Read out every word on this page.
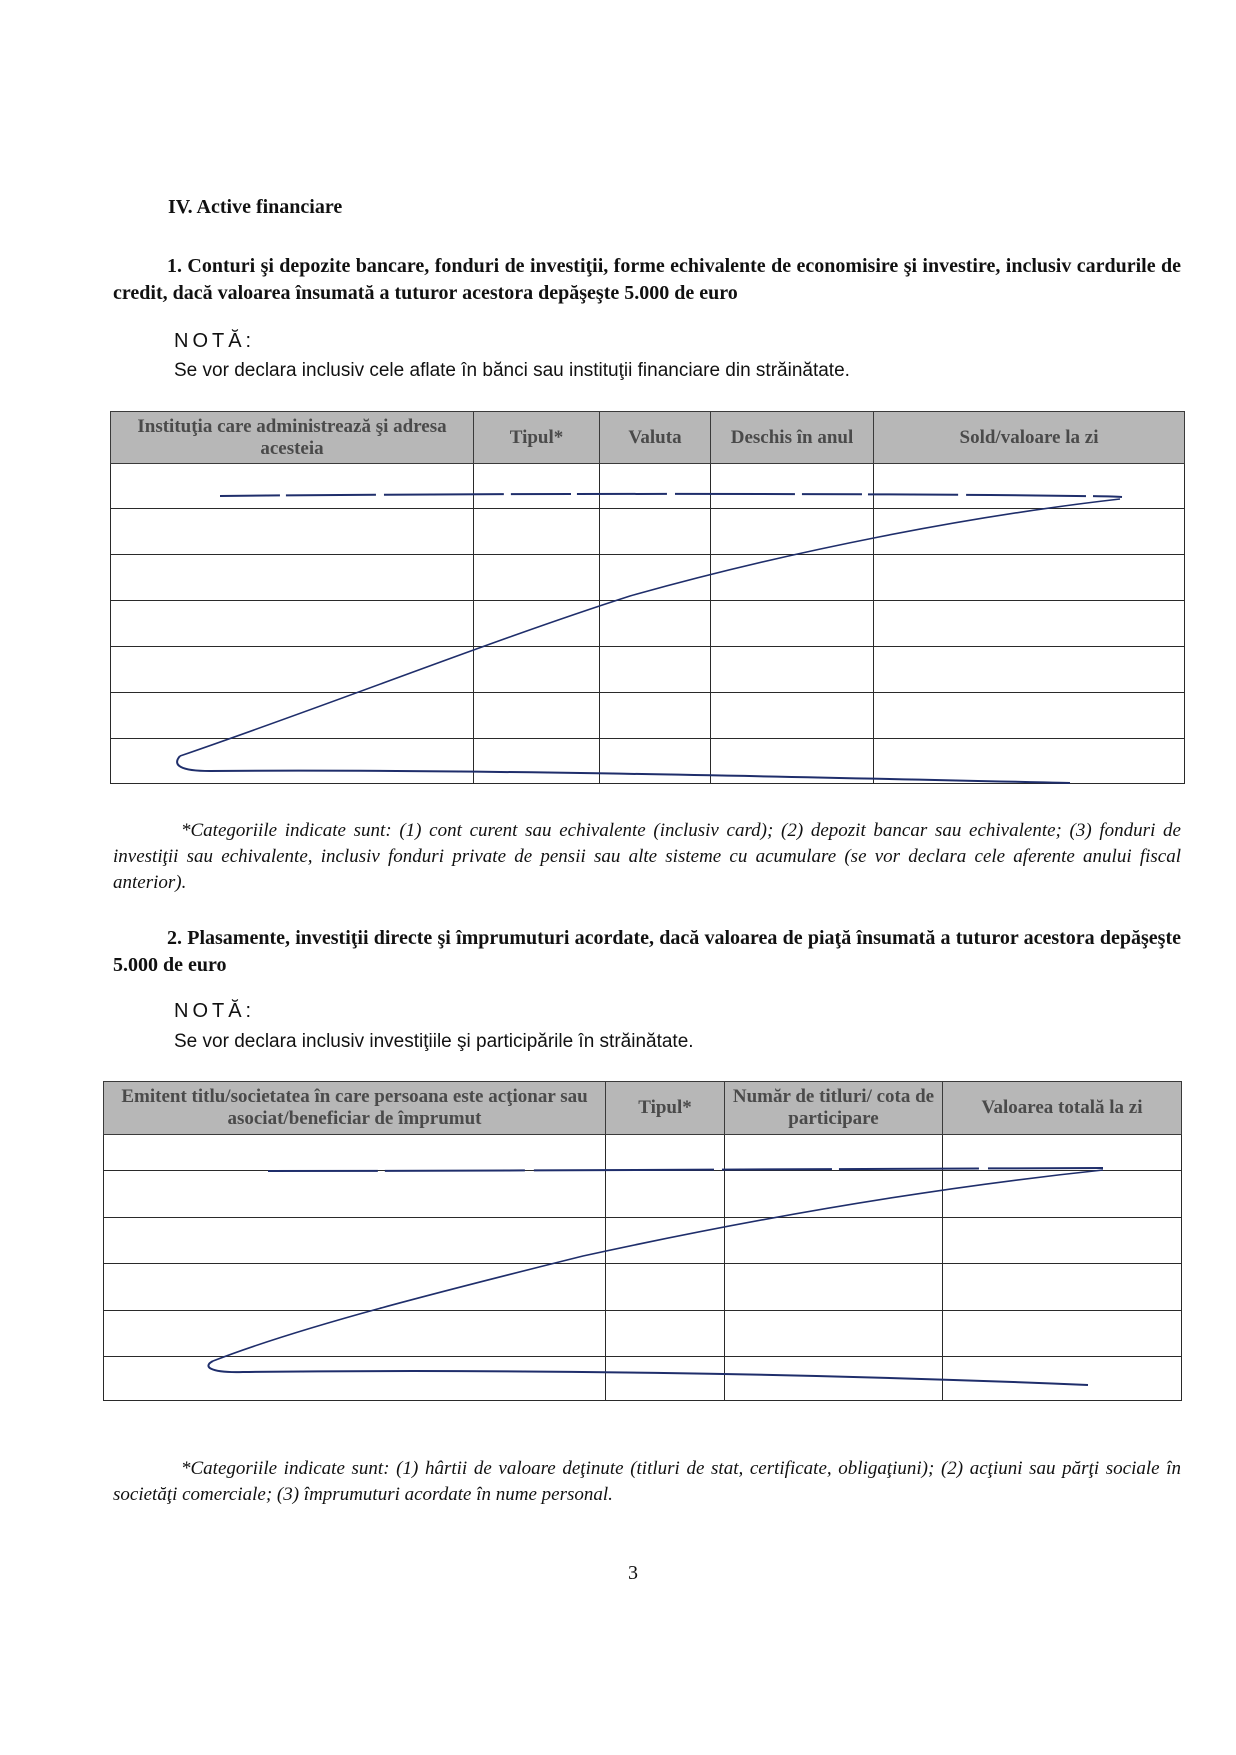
IV. Active financiare

1. Conturi şi depozite bancare, fonduri de investiţii, forme echivalente de economisire şi investire, inclusiv cardurile de credit, dacă valoarea însumată a tuturor acestora depăşeşte 5.000 de euro

NOTĂ:
Se vor declara inclusiv cele aflate în bănci sau instituţii financiare din străinătate.
Instituţia care administrează şi adresa acesteia	Tipul*	Valuta	Deschis în anul	Sold/valoare la zi

*Categoriile indicate sunt: (1) cont curent sau echivalente (inclusiv card); (2) depozit bancar sau echivalente; (3) fonduri de investiţii sau echivalente, inclusiv fonduri private de pensii sau alte sisteme cu acumulare (se vor declara cele aferente anului fiscal anterior).

2. Plasamente, investiţii directe şi împrumuturi acordate, dacă valoarea de piaţă însumată a tuturor acestora depăşeşte 5.000 de euro

NOTĂ:
Se vor declara inclusiv investiţiile şi participările în străinătate.
Emitent titlu/societatea în care persoana este acţionar sau asociat/beneficiar de împrumut	Tipul*	Număr de titluri/ cota de participare	Valoarea totală la zi

*Categoriile indicate sunt: (1) hârtii de valoare deţinute (titluri de stat, certificate, obligaţiuni); (2) acţiuni sau părţi sociale în societăţi comerciale; (3) împrumuturi acordate în nume personal.

3
